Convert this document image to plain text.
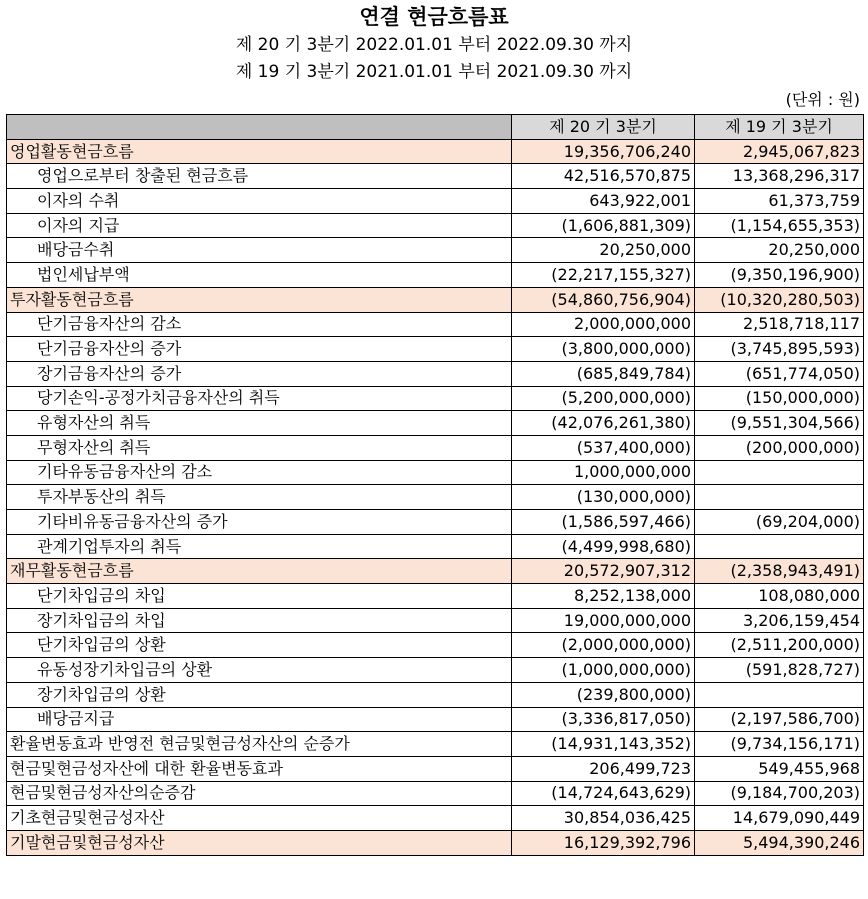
연결 현금흐름표
제 20 기 3분기 2022.01.01 부터 2022.09.30 까지
제 19 기 3분기 2021.01.01 부터 2021.09.30 까지
(단위 : 원)
	제 20 기 3분기	제 19 기 3분기
영업활동현금흐름	19,356,706,240	2,945,067,823
영업으로부터 창출된 현금흐름	42,516,570,875	13,368,296,317
이자의 수취	643,922,001	61,373,759
이자의 지급	(1,606,881,309)	(1,154,655,353)
배당금수취	20,250,000	20,250,000
법인세납부액	(22,217,155,327)	(9,350,196,900)
투자활동현금흐름	(54,860,756,904)	(10,320,280,503)
단기금융자산의 감소	2,000,000,000	2,518,718,117
단기금융자산의 증가	(3,800,000,000)	(3,745,895,593)
장기금융자산의 증가	(685,849,784)	(651,774,050)
당기손익-공정가치금융자산의 취득	(5,200,000,000)	(150,000,000)
유형자산의 취득	(42,076,261,380)	(9,551,304,566)
무형자산의 취득	(537,400,000)	(200,000,000)
기타유동금융자산의 감소	1,000,000,000	
투자부동산의 취득	(130,000,000)	
기타비유동금융자산의 증가	(1,586,597,466)	(69,204,000)
관계기업투자의 취득	(4,499,998,680)	
재무활동현금흐름	20,572,907,312	(2,358,943,491)
단기차입금의 차입	8,252,138,000	108,080,000
장기차입금의 차입	19,000,000,000	3,206,159,454
단기차입금의 상환	(2,000,000,000)	(2,511,200,000)
유동성장기차입금의 상환	(1,000,000,000)	(591,828,727)
장기차입금의 상환	(239,800,000)	
배당금지급	(3,336,817,050)	(2,197,586,700)
환율변동효과 반영전 현금및현금성자산의 순증가	(14,931,143,352)	(9,734,156,171)
현금및현금성자산에 대한 환율변동효과	206,499,723	549,455,968
현금및현금성자산의순증감	(14,724,643,629)	(9,184,700,203)
기초현금및현금성자산	30,854,036,425	14,679,090,449
기말현금및현금성자산	16,129,392,796	5,494,390,246
